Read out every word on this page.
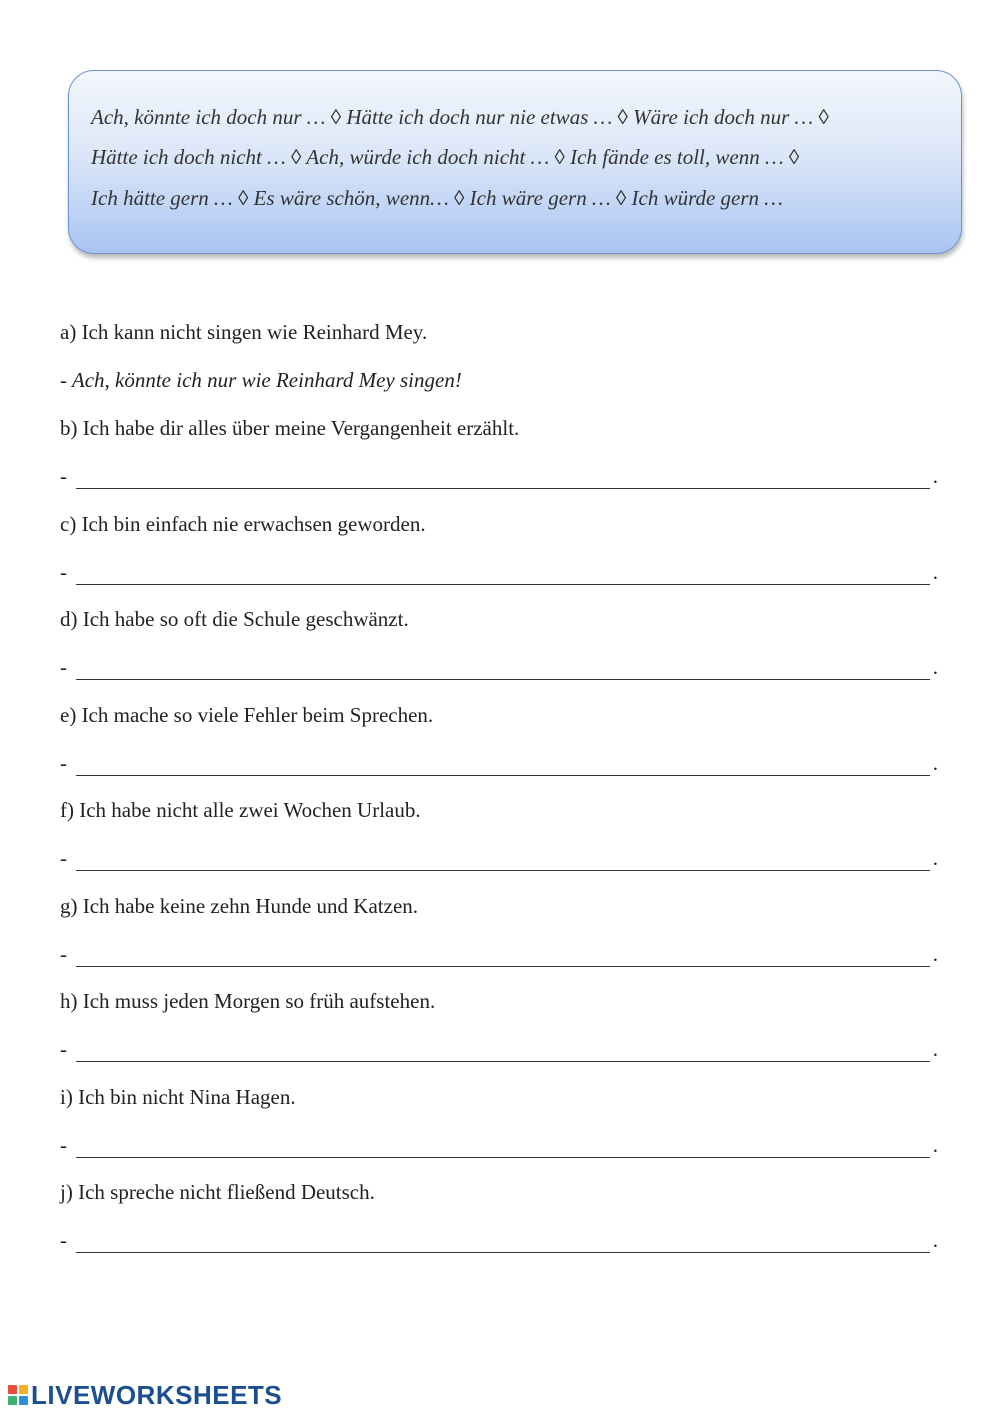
Ach, könnte ich doch nur … ◊ Hätte ich doch nur nie etwas … ◊ Wäre ich doch nur … ◊
Hätte ich doch nicht … ◊ Ach, würde ich doch nicht … ◊ Ich fände es toll, wenn … ◊
Ich hätte gern … ◊ Es wäre schön, wenn… ◊ Ich wäre gern … ◊ Ich würde gern …
a) Ich kann nicht singen wie Reinhard Mey.
- Ach, könnte ich nur wie Reinhard Mey singen!
b) Ich habe dir alles über meine Vergangenheit erzählt.
-	.
c) Ich bin einfach nie erwachsen geworden.
-	.
d) Ich habe so oft die Schule geschwänzt.
-	.
e) Ich mache so viele Fehler beim Sprechen.
-	.
f) Ich habe nicht alle zwei Wochen Urlaub.
-	.
g) Ich habe keine zehn Hunde und Katzen.
-	.
h) Ich muss jeden Morgen so früh aufstehen.
-	.
i) Ich bin nicht Nina Hagen.
-	.
j) Ich spreche nicht fließend Deutsch.
-	.
LIVEWORKSHEETS
